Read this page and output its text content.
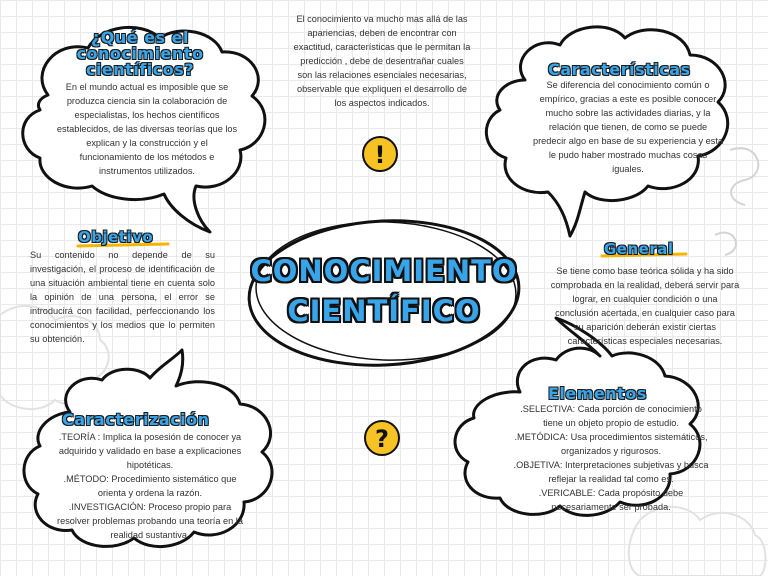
El conocimiento va mucho mas allá de las apariencias, deben de encontrar con exactitud, características que le permitan la predicción , debe de desentrañar cuales son las relaciones esenciales necesarias, observable que expliquen el desarrollo de los aspectos indicados.

!
?
¿Qué es el
conocimiento
científicos?

En el mundo actual es imposible que se produzca ciencia sin la colaboración de especialistas, los hechos científicos establecidos, de las diversas teorías que los explican y la construcción y el funcionamiento de los métodos e instrumentos utilizados.

Características

Se diferencia del conocimiento común o empírico, gracias a este es posible conocer mucho sobre las actividades diarias, y la relación que tienen, de como se puede predecir algo en base de su experiencia y esta le pudo haber mostrado muchas cosas iguales.

Objetivo

Su contenido no depende de su investigación, el proceso de identificación de una situación ambiental tiene en cuenta solo la opinión de una persona, el error se introducirá con facilidad, perfeccionando los conocimientos y los medios que lo permiten su obtención.

General

Se tiene como base teórica sólida y ha sido comprobada en la realidad, deberá servir para lograr, en cualquier condición o una conclusión acertada, en cualquier caso para su aparición deberán existir ciertas características especiales necesarias.

CONOCIMIENTO
CIENTÍFICO
Caracterización

.TEORÍA : Implica la posesión de conocer ya adquirido y validado en base a explicaciones hipotéticas.

.MÉTODO: Procedimiento sistemático que orienta y ordena la razón.

.INVESTIGACIÓN: Proceso propio para resolver problemas probando una teoría en la realidad sustantiva.

Elementos

.SELECTIVA: Cada porción de conocimiento tiene un objeto propio de estudio.

.METÓDICA: Usa procedimientos sistemáticos, organizados y rigurosos.

.OBJETIVA: Interpretaciones subjetivas y busca reflejar la realidad tal como es.

.VERICABLE: Cada propósito debe necesariamente ser probada.
